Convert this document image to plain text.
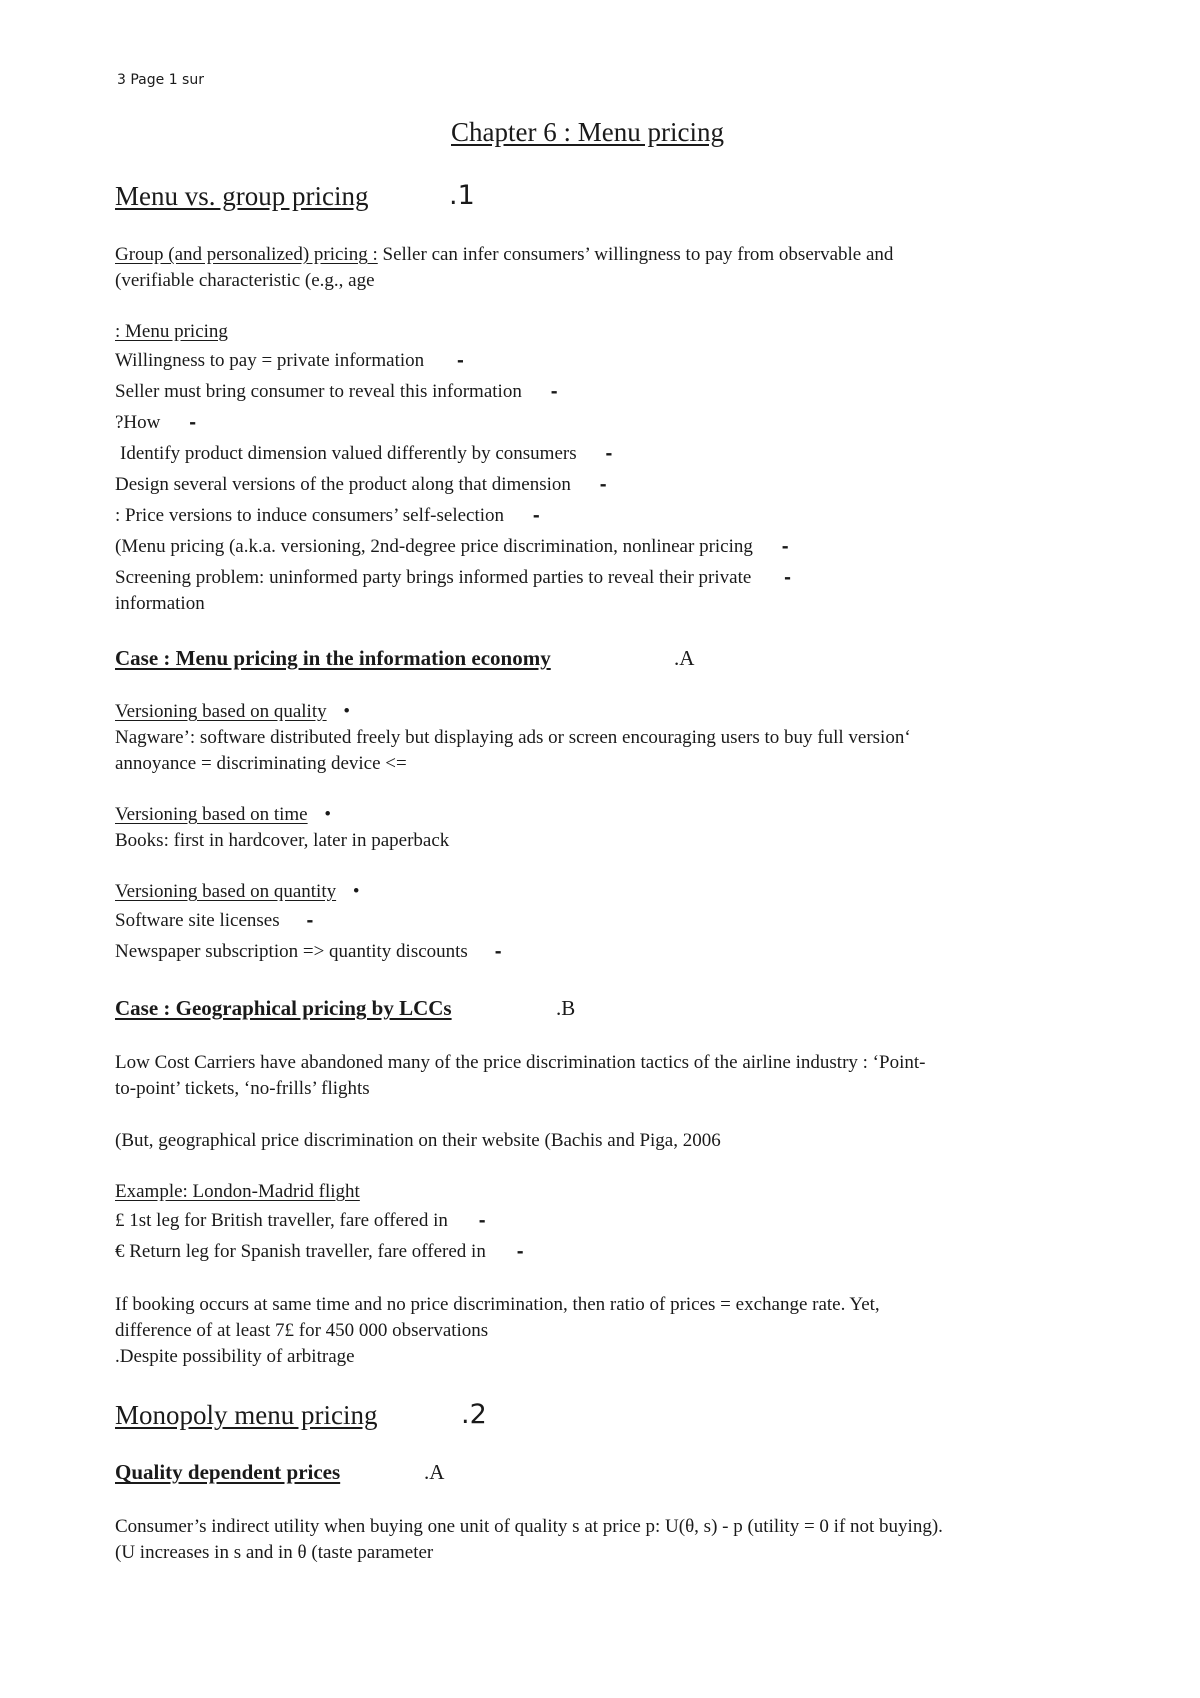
3 Page 1 sur
Chapter 6 : Menu pricing
Menu vs. group pricing	.1
Group (and personalized) pricing : Seller can infer consumers’ willingness to pay from observable and
(verifiable characteristic (e.g., age
: Menu pricing
Willingness to pay = private information -
Seller must bring consumer to reveal this information -
?How -
Identify product dimension valued differently by consumers -
Design several versions of the product along that dimension -
: Price versions to induce consumers’ self-selection -
(Menu pricing (a.k.a. versioning, 2nd-degree price discrimination, nonlinear pricing -
Screening problem: uninformed party brings informed parties to reveal their private -
information
Case : Menu pricing in the information economy	.A
Versioning based on quality •
Nagware’: software distributed freely but displaying ads or screen encouraging users to buy full version‘
annoyance = discriminating device <=
Versioning based on time •
Books: first in hardcover, later in paperback
Versioning based on quantity •
Software site licenses -
Newspaper subscription => quantity discounts -
Case : Geographical pricing by LCCs	.B
Low Cost Carriers have abandoned many of the price discrimination tactics of the airline industry : ‘Point-
to-point’ tickets, ‘no-frills’ flights
(But, geographical price discrimination on their website (Bachis and Piga, 2006
Example: London-Madrid flight
£ 1st leg for British traveller, fare offered in -
€ Return leg for Spanish traveller, fare offered in -
If booking occurs at same time and no price discrimination, then ratio of prices = exchange rate. Yet,
difference of at least 7£ for 450 000 observations
.Despite possibility of arbitrage
Monopoly menu pricing	.2
Quality dependent prices	.A
Consumer’s indirect utility when buying one unit of quality s at price p: U(θ, s) - p (utility = 0 if not buying).
(U increases in s and in θ (taste parameter
